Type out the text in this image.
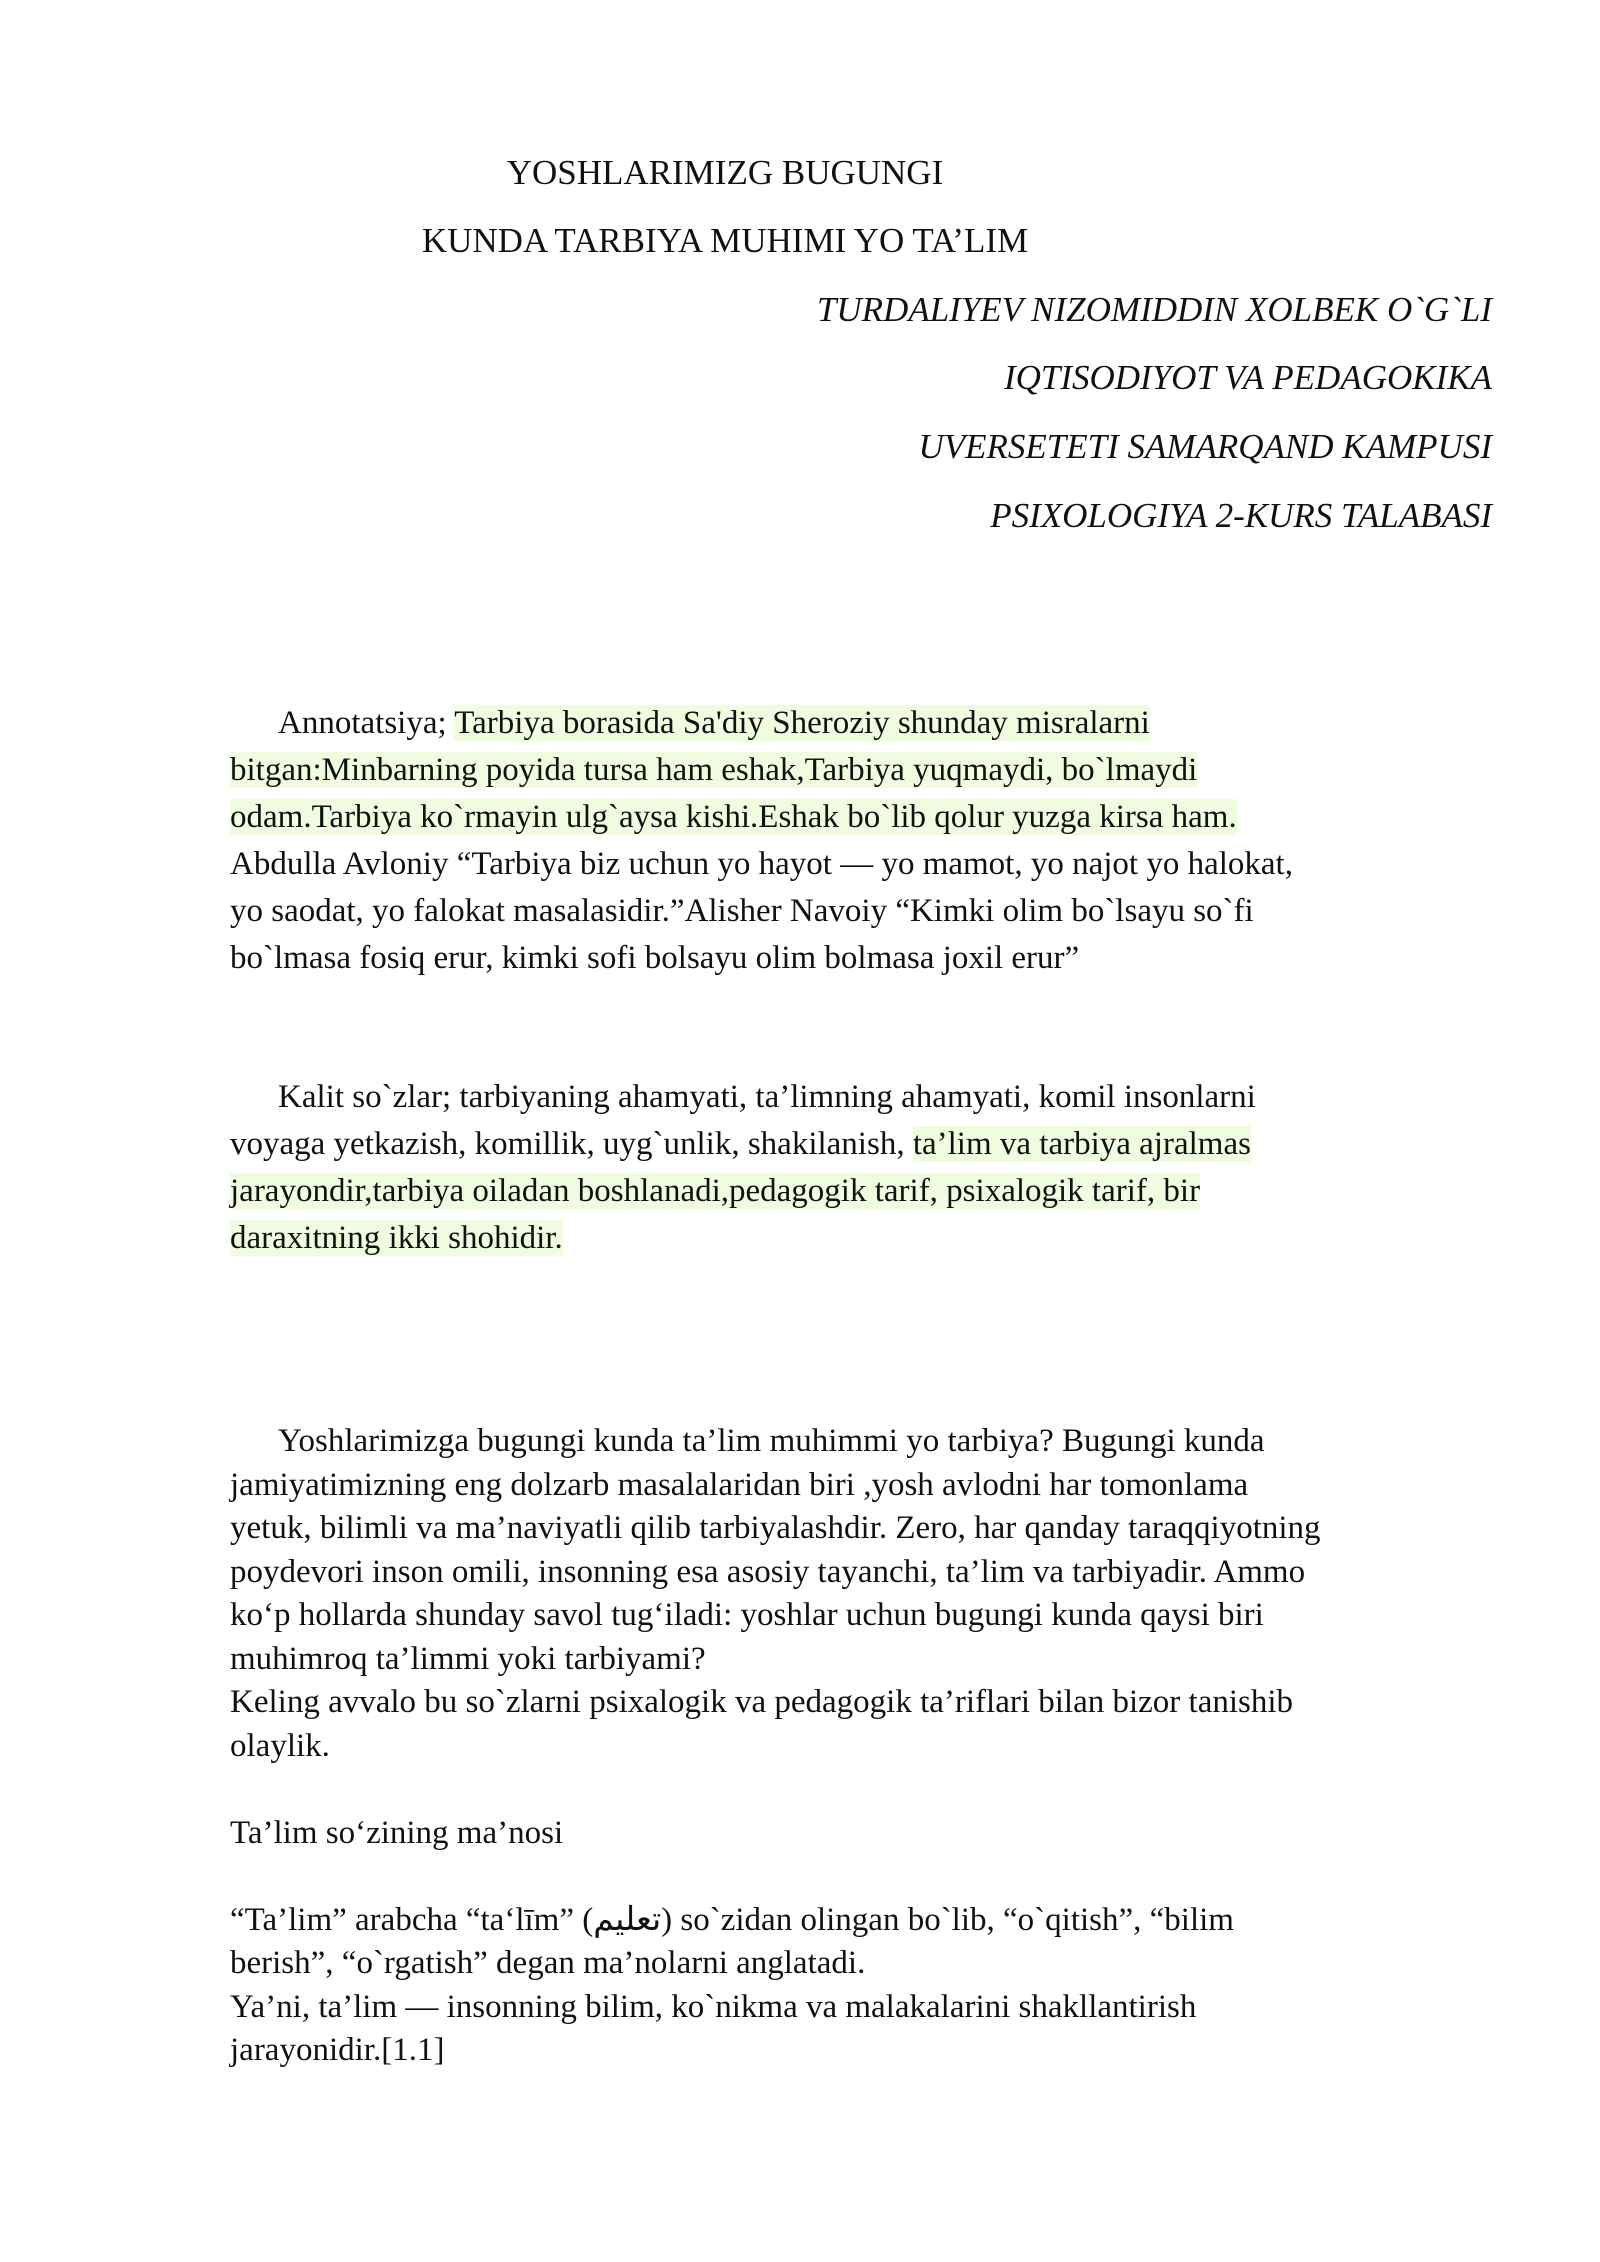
YOSHLARIMIZG BUGUNGI
KUNDA TARBIYA MUHIMI YO TA’LIM
TURDALIYEV NIZOMIDDIN XOLBEK O`G`LI
IQTISODIYOT VA PEDAGOKIKA
UVERSETETI SAMARQAND KAMPUSI
PSIXOLOGIYA 2-KURS TALABASI
Annotatsiya; Tarbiya borasida Sa'diy Sheroziy shunday misralarni
bitgan:Minbarning poyida tursa ham eshak,Tarbiya yuqmaydi, bo`lmaydi
odam.Tarbiya ko`rmayin ulg`aysa kishi.Eshak bo`lib qolur yuzga kirsa ham.
Abdulla Avloniy “Tarbiya biz uchun yo hayot — yo mamot, yo najot yo halokat,
yo saodat, yo falokat masalasidir.”Alisher Navoiy “Kimki olim bo`lsayu so`fi
bo`lmasa fosiq erur, kimki sofi bolsayu olim bolmasa joxil erur”
Kalit so`zlar; tarbiyaning ahamyati, ta’limning ahamyati, komil insonlarni
voyaga yetkazish, komillik, uyg`unlik, shakilanish, ta’lim va tarbiya ajralmas
jarayondir,tarbiya oiladan boshlanadi,pedagogik tarif, psixalogik tarif, bir
daraxitning ikki shohidir.
Yoshlarimizga bugungi kunda ta’lim muhimmi yo tarbiya? Bugungi kunda
jamiyatimizning eng dolzarb masalalaridan biri ,yosh avlodni har tomonlama
yetuk, bilimli va ma’naviyatli qilib tarbiyalashdir. Zero, har qanday taraqqiyotning
poydevori inson omili, insonning esa asosiy tayanchi, ta’lim va tarbiyadir. Ammo
ko‘p hollarda shunday savol tug‘iladi: yoshlar uchun bugungi kunda qaysi biri
muhimroq ta’limmi yoki tarbiyami?
Keling avvalo bu so`zlarni psixalogik va pedagogik ta’riflari bilan bizor tanishib
olaylik.
Ta’lim so‘zining ma’nosi
“Ta’lim” arabcha “ta‘līm” (تعليم) so`zidan olingan bo`lib, “o`qitish”, “bilim
berish”, “o`rgatish” degan ma’nolarni anglatadi.
Ya’ni, ta’lim — insonning bilim, ko`nikma va malakalarini shakllantirish
jarayonidir.[1.1]
